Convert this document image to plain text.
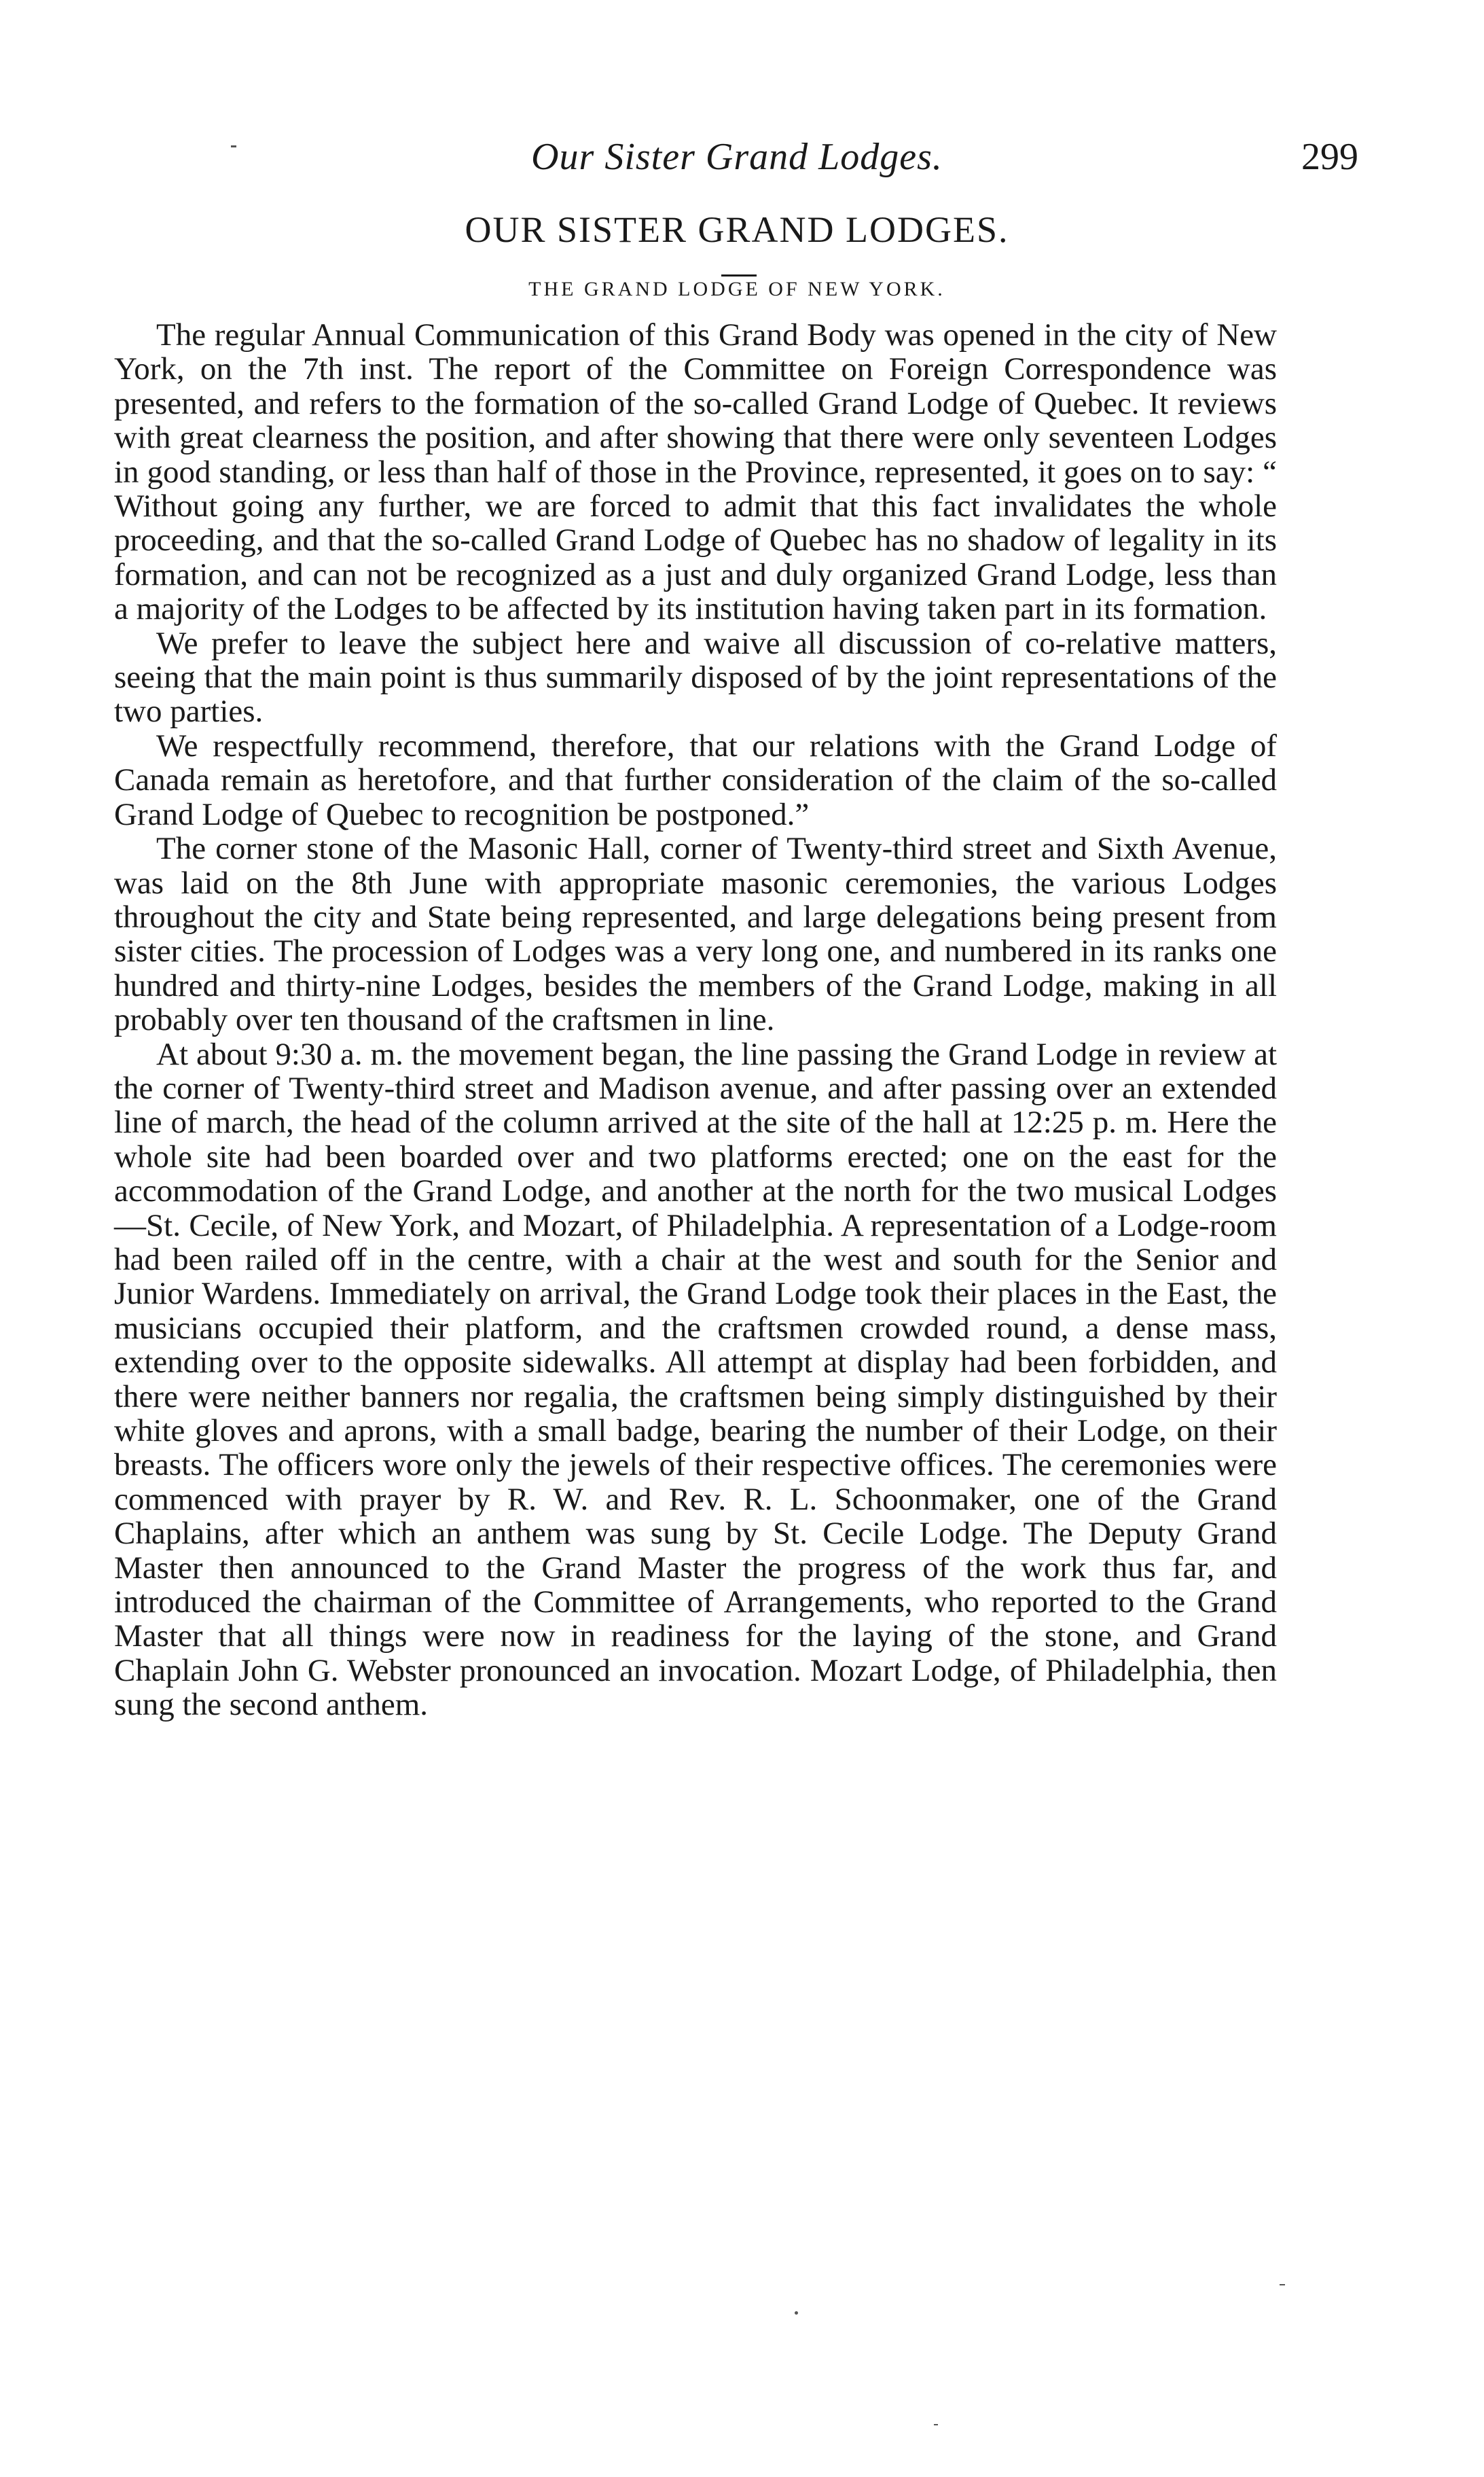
Our Sister Grand Lodges.	299
OUR SISTER GRAND LODGES.
THE GRAND LODGE OF NEW YORK.

The regular Annual Communication of this Grand Body was opened in the city of New York, on the 7th inst. The report of the Committee on Foreign Correspondence was presented, and refers to the formation of the so-called Grand Lodge of Quebec. It reviews with great clearness the position, and after showing that there were only seventeen Lodges in good standing, or less than half of those in the Province, represented, it goes on to say: “ Without going any further, we are forced to admit that this fact invalidates the whole proceeding, and that the so-called Grand Lodge of Quebec has no shadow of legality in its formation, and can not be recognized as a just and duly organized Grand Lodge, less than a majority of the Lodges to be affected by its institution having taken part in its formation.

We prefer to leave the subject here and waive all discussion of co-relative matters, seeing that the main point is thus summarily disposed of by the joint representations of the two parties.

We respectfully recommend, therefore, that our relations with the Grand Lodge of Canada remain as heretofore, and that further consideration of the claim of the so-called Grand Lodge of Quebec to recognition be postponed.”

The corner stone of the Masonic Hall, corner of Twenty-third street and Sixth Avenue, was laid on the 8th June with appropriate masonic ceremonies, the various Lodges throughout the city and State being represented, and large delegations being present from sister cities. The procession of Lodges was a very long one, and numbered in its ranks one hundred and thirty-nine Lodges, besides the members of the Grand Lodge, making in all probably over ten thousand of the craftsmen in line.

At about 9:30 a. m. the movement began, the line passing the Grand Lodge in review at the corner of Twenty-third street and Madison avenue, and after passing over an extended line of march, the head of the column arrived at the site of the hall at 12:25 p. m. Here the whole site had been boarded over and two platforms erected; one on the east for the accommodation of the Grand Lodge, and another at the north for the two musical Lodges—St. Cecile, of New York, and Mozart, of Philadelphia. A representation of a Lodge-room had been railed off in the centre, with a chair at the west and south for the Senior and Junior Wardens. Immediately on arrival, the Grand Lodge took their places in the East, the musicians occupied their platform, and the craftsmen crowded round, a dense mass, extending over to the opposite sidewalks. All attempt at display had been forbidden, and there were neither banners nor regalia, the craftsmen being simply distinguished by their white gloves and aprons, with a small badge, bearing the number of their Lodge, on their breasts. The officers wore only the jewels of their respective offices. The ceremonies were commenced with prayer by R. W. and Rev. R. L. Schoonmaker, one of the Grand Chaplains, after which an anthem was sung by St. Cecile Lodge. The Deputy Grand Master then announced to the Grand Master the progress of the work thus far, and introduced the chairman of the Committee of Arrangements, who reported to the Grand Master that all things were now in readiness for the laying of the stone, and Grand Chaplain John G. Webster pronounced an invocation. Mozart Lodge, of Philadelphia, then sung the second anthem.
